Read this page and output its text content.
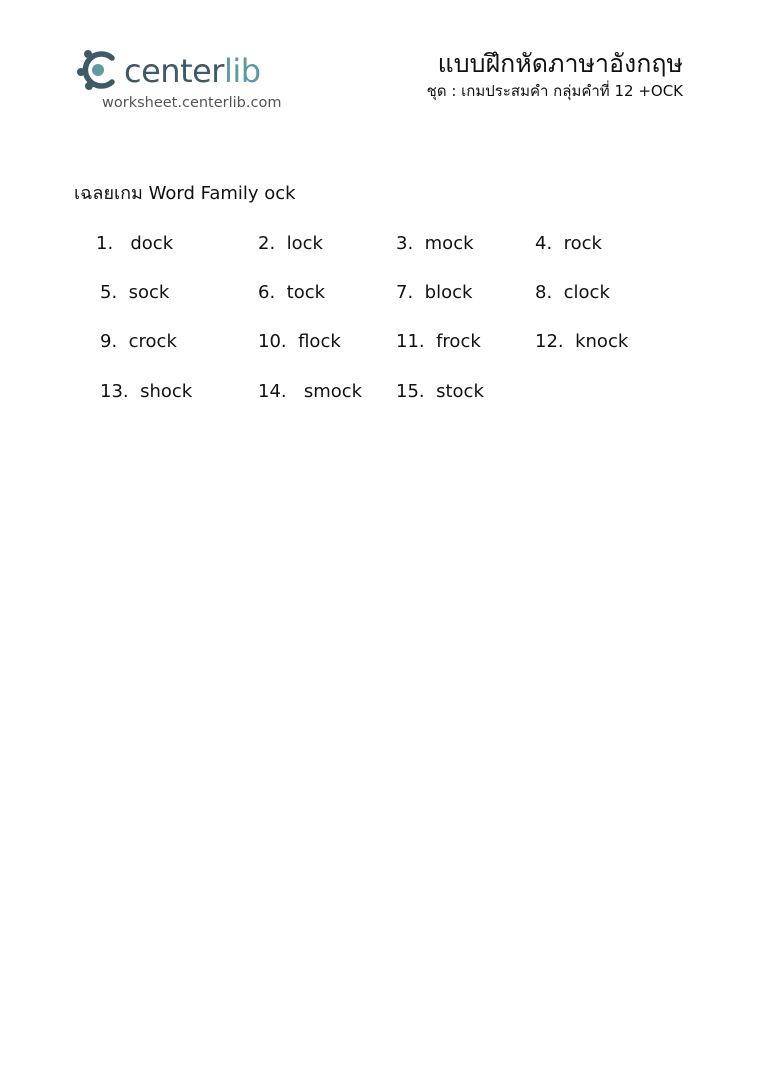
centerlib
worksheet.centerlib.com
แบบฝึกหัดภาษาอังกฤษ
ชุด : เกมประสมคำ กลุ่มคำที่ 12 +OCK
เฉลยเกม Word Family ock
1. dock	2. lock	3. mock	4. rock
5. sock	6. tock	7. block	8. clock
9. crock	10. flock	11. frock	12. knock
13. shock	14. smock 15. stock
